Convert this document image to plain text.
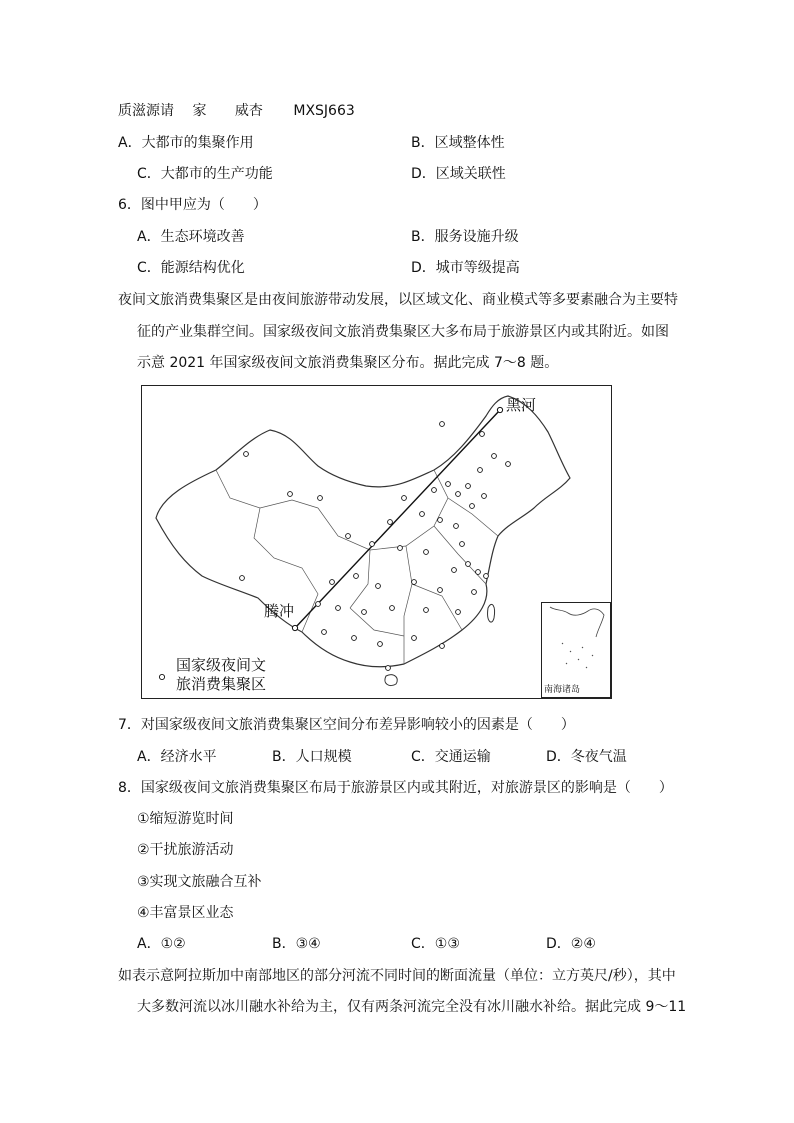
质滋源请 家 威杏 MXSJ663
A．大都市的集聚作用	B．区域整体性
C．大都市的生产功能	D．区域关联性
6．图中甲应为（　　）
A．生态环境改善	B．服务设施升级
C．能源结构优化	D．城市等级提高
夜间文旅消费集聚区是由夜间旅游带动发展，以区域文化、商业模式等多要素融合为主要特
征的产业集群空间。国家级夜间文旅消费集聚区大多布局于旅游景区内或其附近。如图
示意 2021 年国家级夜间文旅消费集聚区分布。据此完成 7～8 题。
黑河
腾冲
国家级夜间文
旅消费集聚区	南海诸岛
7．对国家级夜间文旅消费集聚区空间分布差异影响较小的因素是（　　）
A．经济水平	B．人口规模	C．交通运输	D．冬夜气温
8．国家级夜间文旅消费集聚区布局于旅游景区内或其附近，对旅游景区的影响是（　　）
①缩短游览时间
②干扰旅游活动
③实现文旅融合互补
④丰富景区业态
A．①②	B．③④	C．①③	D．②④
如表示意阿拉斯加中南部地区的部分河流不同时间的断面流量（单位：立方英尺/秒），其中
大多数河流以冰川融水补给为主，仅有两条河流完全没有冰川融水补给。据此完成 9～11
